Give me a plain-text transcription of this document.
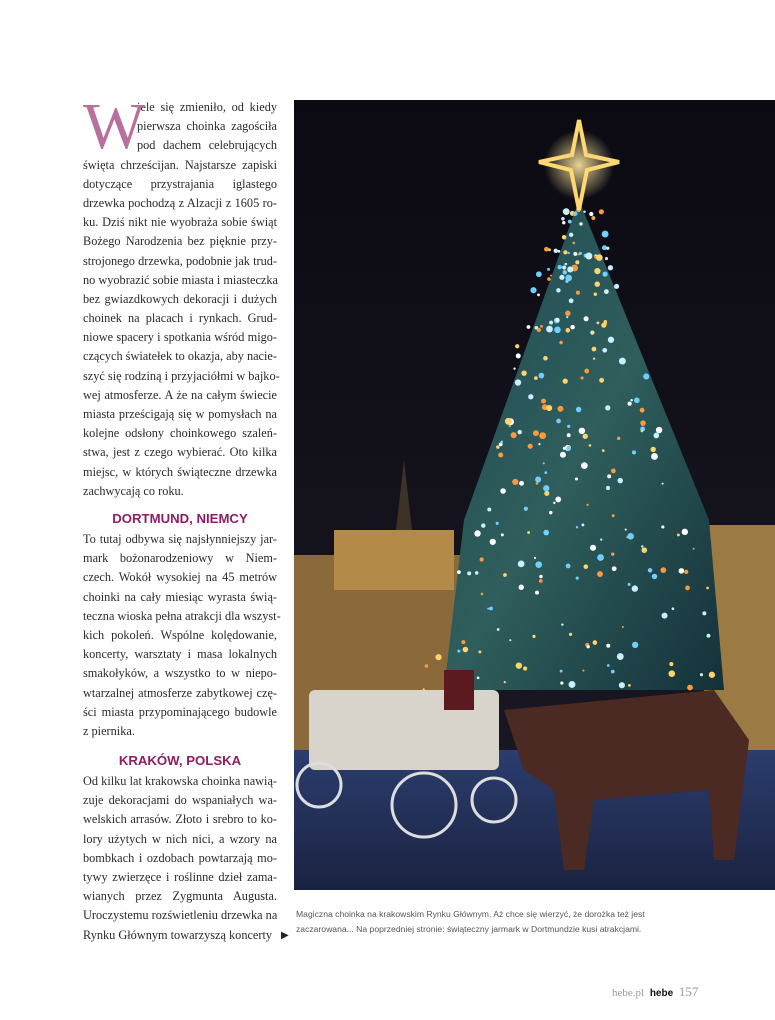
W
iele się zmieniło, od kiedy
pierwsza choinka zagościła
pod dachem celebrujących
święta chrześcijan. Najstarsze zapiski
dotyczące przystrajania iglastego
drzewka pochodzą z Alzacji z 1605 ro-
ku. Dziś nikt nie wyobraża sobie świąt
Bożego Narodzenia bez pięknie przy-
strojonego drzewka, podobnie jak trud-
no wyobrazić sobie miasta i miasteczka
bez gwiazdkowych dekoracji i dużych
choinek na placach i rynkach. Grud-
niowe spacery i spotkania wśród migo-
czących światełek to okazja, aby nacie-
szyć się rodziną i przyjaciółmi w bajko-
wej atmosferze. A że na całym świecie
miasta prześcigają się w pomysłach na
kolejne odsłony choinkowego szaleń-
stwa, jest z czego wybierać. Oto kilka
miejsc, w których świąteczne drzewka
zachwycają co roku.
DORTMUND, NIEMCY
To tutaj odbywa się najsłynniejszy jar-
mark bożonarodzeniowy w Niem-
czech. Wokół wysokiej na 45 metrów
choinki na cały miesiąc wyrasta świą-
teczna wioska pełna atrakcji dla wszyst-
kich pokoleń. Wspólne kolędowanie,
koncerty, warsztaty i masa lokalnych
smakołyków, a wszystko to w niepo-
wtarzalnej atmosferze zabytkowej czę-
ści miasta przypominającego budowle
z piernika.
KRAKÓW, POLSKA
Od kilku lat krakowska choinka nawią-
zuje dekoracjami do wspaniałych wa-
welskich arrasów. Złoto i srebro to ko-
lory użytych w nich nici, a wzory na
bombkach i ozdobach powtarzają mo-
tywy zwierzęce i roślinne dzieł zama-
wianych przez Zygmunta Augusta.
Uroczystemu rozświetleniu drzewka na
Rynku Głównym towarzyszą koncerty ▶
Magiczna choinka na krakowskim Rynku Głównym. Aż chce się wierzyć, że dorożka też jest
zaczarowana... Na poprzedniej stronie: świąteczny jarmark w Dortmundzie kusi atrakcjami.
hebe.pl hebe 157
